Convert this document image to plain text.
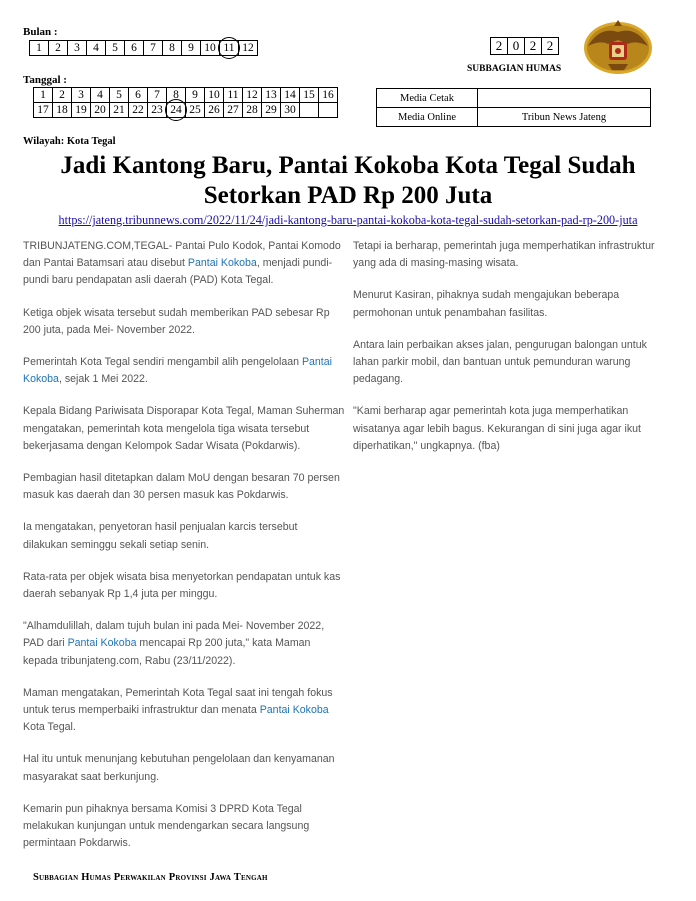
Bulan :
1	2	3	4	5	6	7	8	9	10	11	12	2	0	2	2
SUBBAGIAN HUMAS
Tanggal :
1	2	3	4	5	6	7	8	9	10	11	12	13	14	15	16
17	18	19	20	21	22	23	24	25	26	27	28	29	30		
Media Cetak	
Media Online	Tribun News Jateng
Wilayah: Kota Tegal
Jadi Kantong Baru, Pantai Kokoba Kota Tegal Sudah
Setorkan PAD Rp 200 Juta
https://jateng.tribunnews.com/2022/11/24/jadi-kantong-baru-pantai-kokoba-kota-tegal-sudah-setorkan-pad-rp-200-juta

TRIBUNJATENG.COM,TEGAL- Pantai Pulo Kodok, Pantai Komodo dan Pantai Batamsari atau disebut Pantai Kokoba, menjadi pundi-pundi baru pendapatan asli daerah (PAD) Kota Tegal.

Ketiga objek wisata tersebut sudah memberikan PAD sebesar Rp 200 juta, pada Mei- November 2022.

Pemerintah Kota Tegal sendiri mengambil alih pengelolaan Pantai Kokoba, sejak 1 Mei 2022.

Kepala Bidang Pariwisata Disporapar Kota Tegal, Maman Suherman mengatakan, pemerintah kota mengelola tiga wisata tersebut bekerjasama dengan Kelompok Sadar Wisata (Pokdarwis).

Pembagian hasil ditetapkan dalam MoU dengan besaran 70 persen masuk kas daerah dan 30 persen masuk kas Pokdarwis.

Ia mengatakan, penyetoran hasil penjualan karcis tersebut dilakukan seminggu sekali setiap senin.

Rata-rata per objek wisata bisa menyetorkan pendapatan untuk kas daerah sebanyak Rp 1,4 juta per minggu.

"Alhamdulillah, dalam tujuh bulan ini pada Mei- November 2022, PAD dari Pantai Kokoba mencapai Rp 200 juta," kata Maman kepada tribunjateng.com, Rabu (23/11/2022).

Maman mengatakan, Pemerintah Kota Tegal saat ini tengah fokus untuk terus memperbaiki infrastruktur dan menata Pantai Kokoba Kota Tegal.

Hal itu untuk menunjang kebutuhan pengelolaan dan kenyamanan masyarakat saat berkunjung.

Kemarin pun pihaknya bersama Komisi 3 DPRD Kota Tegal melakukan kunjungan untuk mendengarkan secara langsung permintaan Pokdarwis.

Tetapi ia berharap, pemerintah juga memperhatikan infrastruktur yang ada di masing-masing wisata.

Menurut Kasiran, pihaknya sudah mengajukan beberapa permohonan untuk penambahan fasilitas.

Antara lain perbaikan akses jalan, pengurugan balongan untuk lahan parkir mobil, dan bantuan untuk pemunduran warung pedagang.

"Kami berharap agar pemerintah kota juga memperhatikan wisatanya agar lebih bagus. Kekurangan di sini juga agar ikut diperhatikan," ungkapnya. (fba)

Subbagian Humas Perwakilan Provinsi Jawa Tengah
